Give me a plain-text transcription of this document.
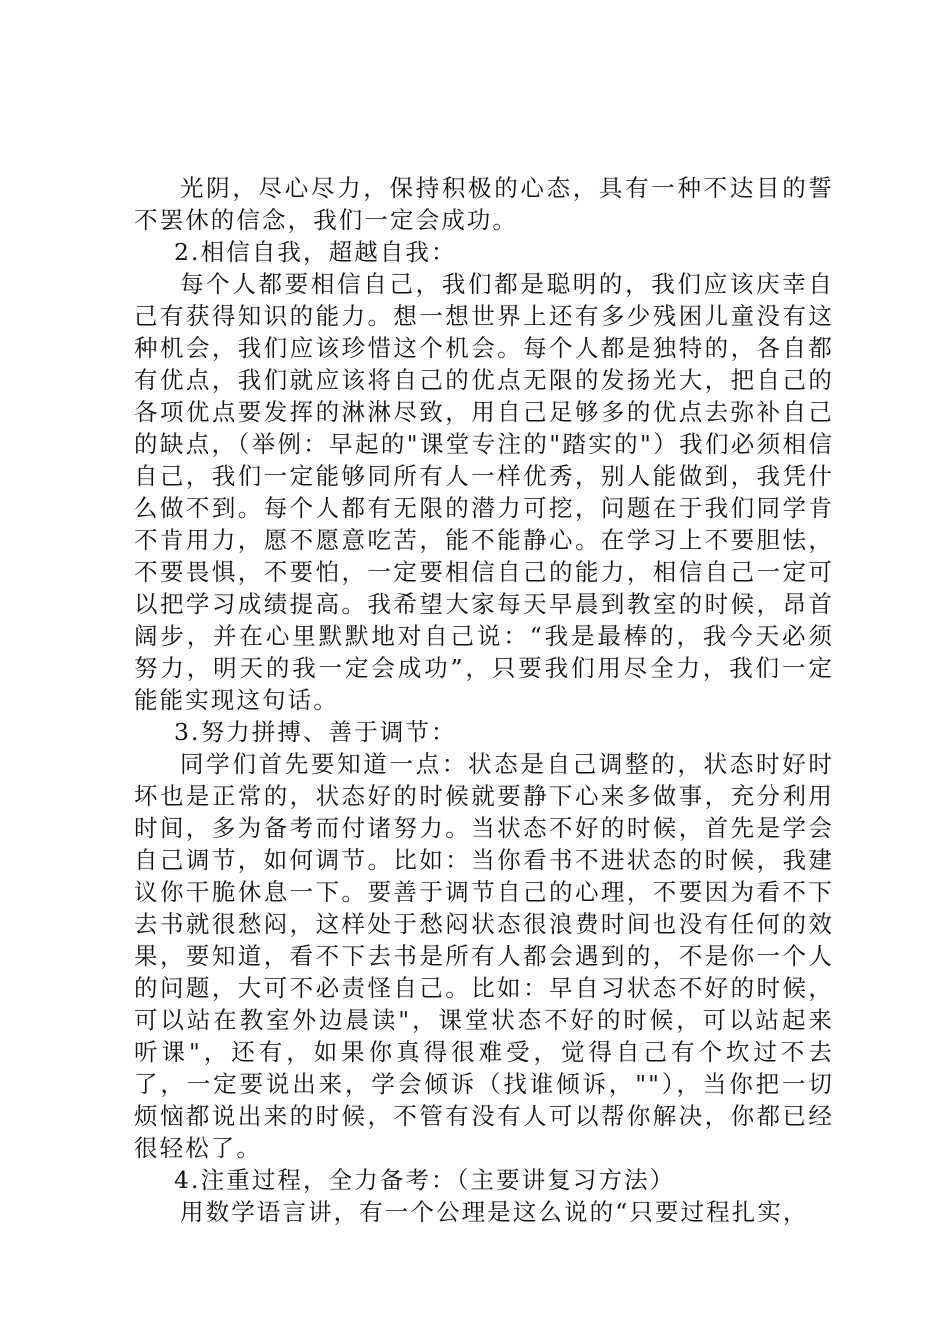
光阴，尽心尽力，保持积极的心态，具有一种不达目的誓不罢休的信念，我们一定会成功。

2.相信自我，超越自我：

每个人都要相信自己，我们都是聪明的，我们应该庆幸自己有获得知识的能力。想一想世界上还有多少残困儿童没有这种机会，我们应该珍惜这个机会。每个人都是独特的，各自都有优点，我们就应该将自己的优点无限的发扬光大，把自己的各项优点要发挥的淋淋尽致，用自己足够多的优点去弥补自己的缺点，（举例：早起的"课堂专注的"踏实的"）我们必须相信自己，我们一定能够同所有人一样优秀，别人能做到，我凭什么做不到。每个人都有无限的潜力可挖，问题在于我们同学肯不肯用力，愿不愿意吃苦，能不能静心。在学习上不要胆怯，不要畏惧，不要怕，一定要相信自己的能力，相信自己一定可以把学习成绩提高。我希望大家每天早晨到教室的时候，昂首阔步，并在心里默默地对自己说：“我是最棒的，我今天必须努力，明天的我一定会成功”，只要我们用尽全力，我们一定能能实现这句话。

3.努力拼搏、善于调节：

同学们首先要知道一点：状态是自己调整的，状态时好时坏也是正常的，状态好的时候就要静下心来多做事，充分利用时间，多为备考而付诸努力。当状态不好的时候，首先是学会自己调节，如何调节。比如：当你看书不进状态的时候，我建议你干脆休息一下。要善于调节自己的心理，不要因为看不下去书就很愁闷，这样处于愁闷状态很浪费时间也没有任何的效果，要知道，看不下去书是所有人都会遇到的，不是你一个人的问题，大可不必责怪自己。比如：早自习状态不好的时候，可以站在教室外边晨读"，课堂状态不好的时候，可以站起来听课"，还有，如果你真得很难受，觉得自己有个坎过不去了，一定要说出来，学会倾诉（找谁倾诉，""），当你把一切烦恼都说出来的时候，不管有没有人可以帮你解决，你都已经很轻松了。

4.注重过程，全力备考：（主要讲复习方法）

用数学语言讲，有一个公理是这么说的“只要过程扎实，
